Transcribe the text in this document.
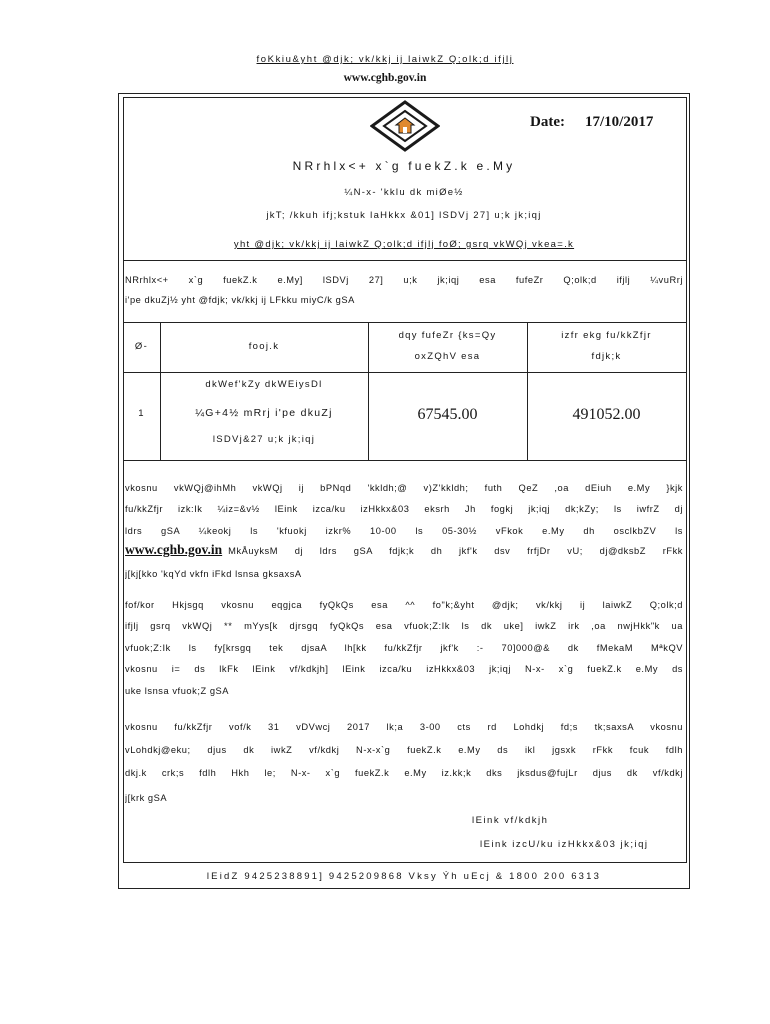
foKkiu&yht @djk; vk/kkj ij laiwkZ Q;olk;d ifjlj
www.cghb.gov.in
Date: 17/10/2017
NRrhlx<+ x`g fuekZ.k e.My
¼N-x- 'kklu dk miØe½
jkT; /kkuh ifj;kstuk laHkkx &01] lSDVj 27] u;k jk;iqj
yht @djk; vk/kkj ij laiwkZ Q;olk;d ifjlj foØ; gsrq vkWQj vkea=.k
NRrhlx<+ x`g fuekZ.k e.My] lSDVj 27] u;k jk;iqj esa fufeZr Q;olk;d ifjlj ¼vuRrj
i'pe dkuZj½ yht @fdjk; vk/kkj ij LFkku miyC/k gSA
Ø-	fooj.k
dqy fufeZr {ks=Qy
oxZQhV esa
izfr ekg fu/kkZfjr
fdjk;k
1
dkWef'kZy dkWEiysDl
¼G+4½ mRrj i'pe dkuZj
lSDVj&27 u;k jk;iqj
67545.00	491052.00
vkosnu vkWQj@ihMh vkWQj ij bPNqd 'kkldh;@ v)Z'kkldh; futh QeZ ,oa dEiuh e.My }kjk
fu/kkZfjr izk:Ik ¼iz=&v½ lEink izca/ku izHkkx&03 eksrh Jh fogkj jk;iqj dk;kZy; ls iwfrZ dj
ldrs gSA ¼keokj ls 'kfuokj izkr% 10-00 ls 05-30½ vFkok e.My dh osclkbZV ls
www.cghb.gov.in MkÅuyksM dj ldrs gSA fdjk;k dh jkf'k dsv frfjDr vU; dj@dksbZ rFkk
j[kj[kko 'kqYd vkfn iFkd lsnsa gksaxsA
fof/kor Hkjsgq vkosnu eqgjca fyQkQs esa ^^ fo"k;&yht @djk; vk/kkj ij laiwkZ Q;olk;d
ifjlj gsrq vkWQj ** mYys[k djrsgq fyQkQs esa vfuok;Z:Ik ls dk uke] iwkZ irk ,oa nwjHkk"k ua
vfuok;Z:Ik ls fy[krsgq tek djsaA lh[kk fu/kkZfjr jkf'k :- 70]000@& dk fMekaM MªkQV
vkosnu i= ds lkFk lEink vf/kdkjh] lEink izca/ku izHkkx&03 jk;iqj N-x- x`g fuekZ.k e.My ds
uke lsnsa vfuok;Z gSA
vkosnu fu/kkZfjr vof/k 31 vDVwcj 2017 lk;a 3-00 cts rd Lohdkj fd;s tk;saxsA vkosnu
vLohdkj@eku; djus dk iwkZ vf/kdkj N-x-x`g fuekZ.k e.My ds ikl jgsxk rFkk fcuk fdlh
dkj.k crk;s fdlh Hkh le; N-x- x`g fuekZ.k e.My iz.kk;k dks jksdus@fujLr djus dk vf/kdkj
j[krk gSA
lEink vf/kdkjh
lEink izcU/ku izHkkx&03 jk;iqj
lEidZ 9425238891] 9425209868 Vksy Ýh uEcj & 1800 200 6313
